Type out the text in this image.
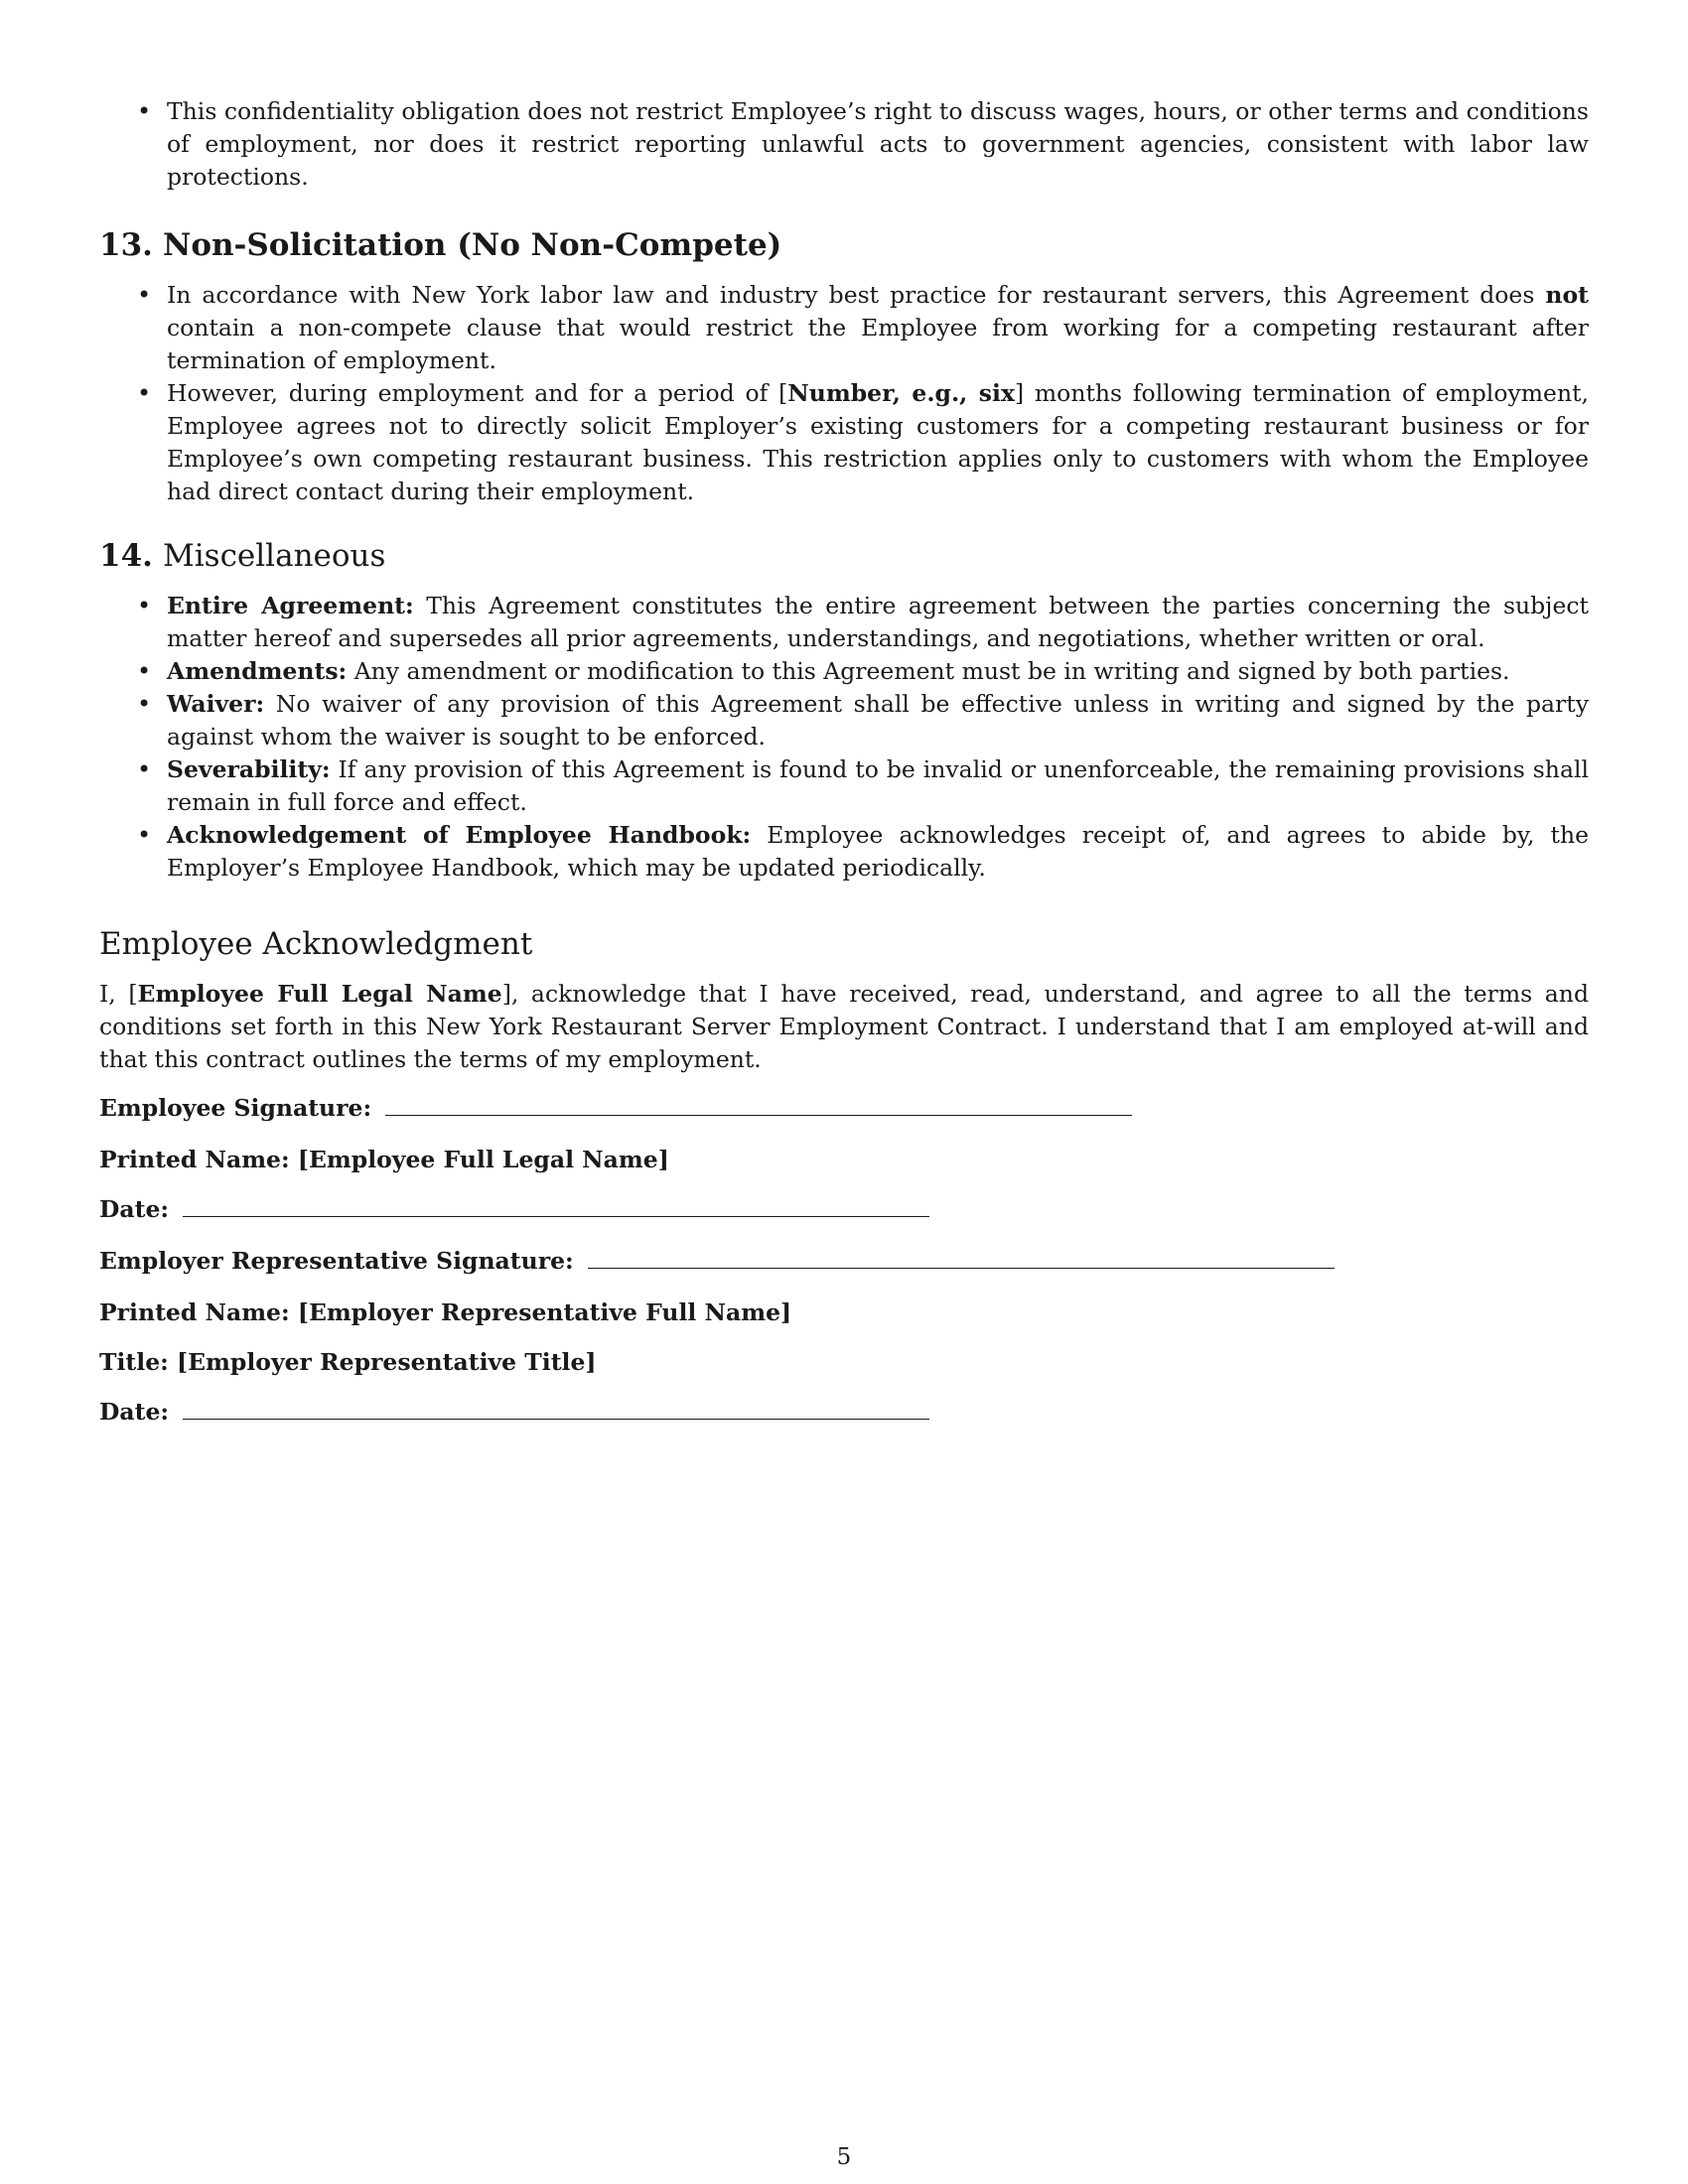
• This confidentiality obligation does not restrict Employee’s right to discuss wages, hours, or other terms and conditions of employment, nor does it restrict reporting unlawful acts to government agencies, consistent with labor law protections.
13. Non-Solicitation (No Non-Compete)
• In accordance with New York labor law and industry best practice for restaurant servers, this Agreement does not contain a non-compete clause that would restrict the Employee from working for a competing restaurant after termination of employment.
• However, during employment and for a period of [Number, e.g., six] months following termination of employment, Employee agrees not to directly solicit Employer’s existing customers for a competing restaurant business or for Employee’s own competing restaurant business. This restriction applies only to customers with whom the Employee had direct contact during their employment.
14. Miscellaneous
• Entire Agreement: This Agreement constitutes the entire agreement between the parties concerning the subject matter hereof and supersedes all prior agreements, understandings, and negotiations, whether written or oral.
• Amendments: Any amendment or modification to this Agreement must be in writing and signed by both parties.
• Waiver: No waiver of any provision of this Agreement shall be effective unless in writing and signed by the party against whom the waiver is sought to be enforced.
• Severability: If any provision of this Agreement is found to be invalid or unenforceable, the remaining provisions shall remain in full force and effect.
• Acknowledgement of Employee Handbook: Employee acknowledges receipt of, and agrees to abide by, the Employer’s Employee Handbook, which may be updated periodically.
Employee Acknowledgment

I, [Employee Full Legal Name], acknowledge that I have received, read, understand, and agree to all the terms and conditions set forth in this New York Restaurant Server Employment Contract. I understand that I am employed at-will and that this contract outlines the terms of my employment.

Employee Signature:
Printed Name: [Employee Full Legal Name]
Date:
Employer Representative Signature:
Printed Name: [Employer Representative Full Name]
Title: [Employer Representative Title]
Date:
5
